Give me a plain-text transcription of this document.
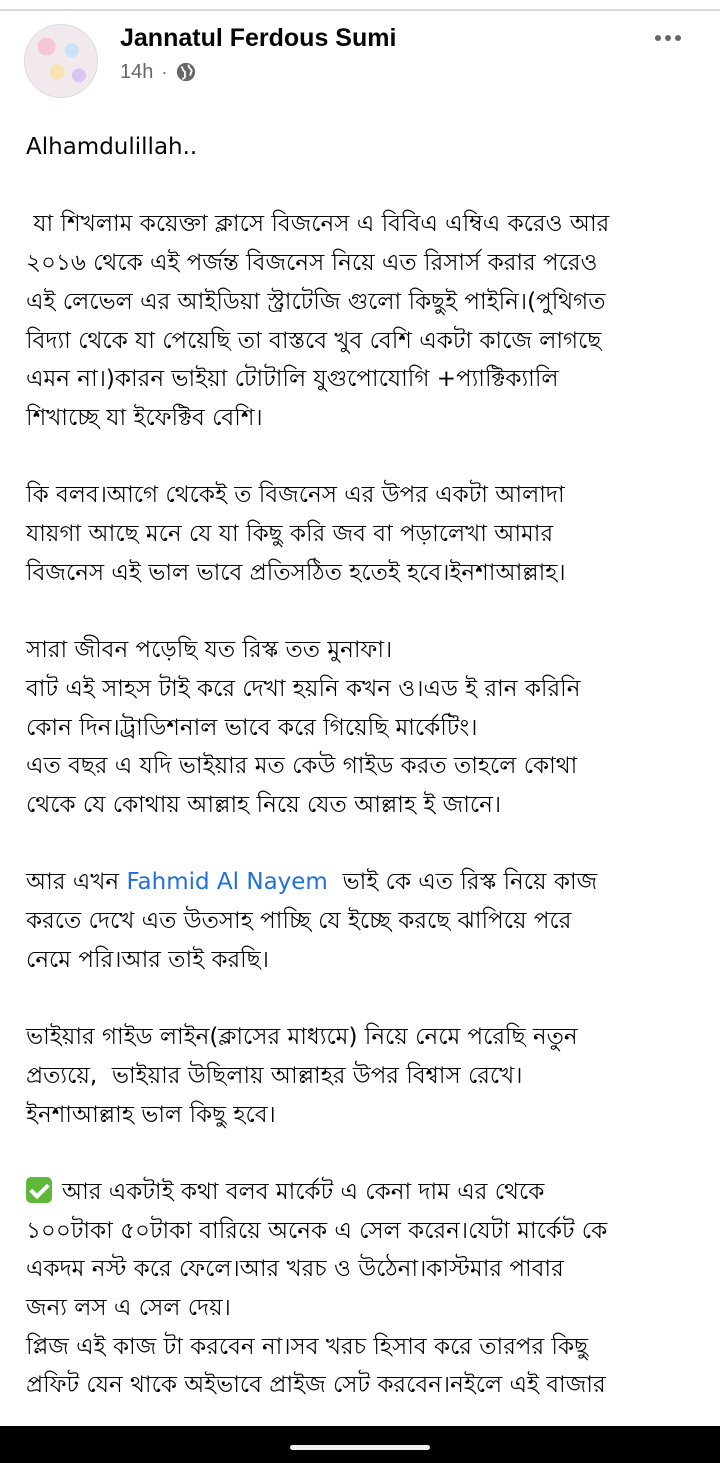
Jannatul Ferdous Sumi
14h ·
Alhamdulillah..
যা শিখলাম কয়েক্তা ক্লাসে বিজনেস এ বিবিএ এম্বিএ করেও আর
২০১৬ থেকে এই পর্জন্ত বিজনেস নিয়ে এত রিসার্স করার পরেও
এই লেভেল এর আইডিয়া স্ট্রাটেজি গুলো কিছুই পাইনি।(পুথিগত
বিদ্যা থেকে যা পেয়েছি তা বাস্তবে খুব বেশি একটা কাজে লাগছে
এমন না।)কারন ভাইয়া টোটালি যুগুপোযোগি +প্যাক্টিক্যালি
শিখাচ্ছে যা ইফেক্টিব বেশি।
কি বলব।আগে থেকেই ত বিজনেস এর উপর একটা আলাদা
যায়গা আছে মনে যে যা কিছু করি জব বা পড়ালেখা আমার
বিজনেস এই ভাল ভাবে প্রতিসঠিত হতেই হবে।ইনশাআল্লাহ।
সারা জীবন পড়েছি যত রিস্ক তত মুনাফা।
বাট এই সাহস টাই করে দেখা হয়নি কখন ও।এড ই রান করিনি
কোন দিন।ট্রাডিশনাল ভাবে করে গিয়েছি মার্কেটিং।
এত বছর এ যদি ভাইয়ার মত কেউ গাইড করত তাহলে কোথা
থেকে যে কোথায় আল্লাহ নিয়ে যেত আল্লাহ ই জানে।
আর এখন Fahmid Al Nayem  ভাই কে এত রিস্ক নিয়ে কাজ
করতে দেখে এত উতসাহ পাচ্ছি যে ইচ্ছে করছে ঝাপিয়ে পরে
নেমে পরি।আর তাই করছি।
ভাইয়ার গাইড লাইন(ক্লাসের মাধ্যমে) নিয়ে নেমে পরেছি নতুন
প্রত্যয়ে,  ভাইয়ার উছিলায় আল্লাহর উপর বিশ্বাস রেখে।
ইনশাআল্লাহ ভাল কিছু হবে।
আর একটাই কথা বলব মার্কেট এ কেনা দাম এর থেকে
১০০টাকা ৫০টাকা বারিয়ে অনেক এ সেল করেন।যেটা মার্কেট কে
একদম নস্ট করে ফেলে।আর খরচ ও উঠেনা।কাস্টমার পাবার
জন্য লস এ সেল দেয়।
প্লিজ এই কাজ টা করবেন না।সব খরচ হিসাব করে তারপর কিছু
প্রফিট যেন থাকে অইভাবে প্রাইজ সেট করবেন।নইলে এই বাজার
